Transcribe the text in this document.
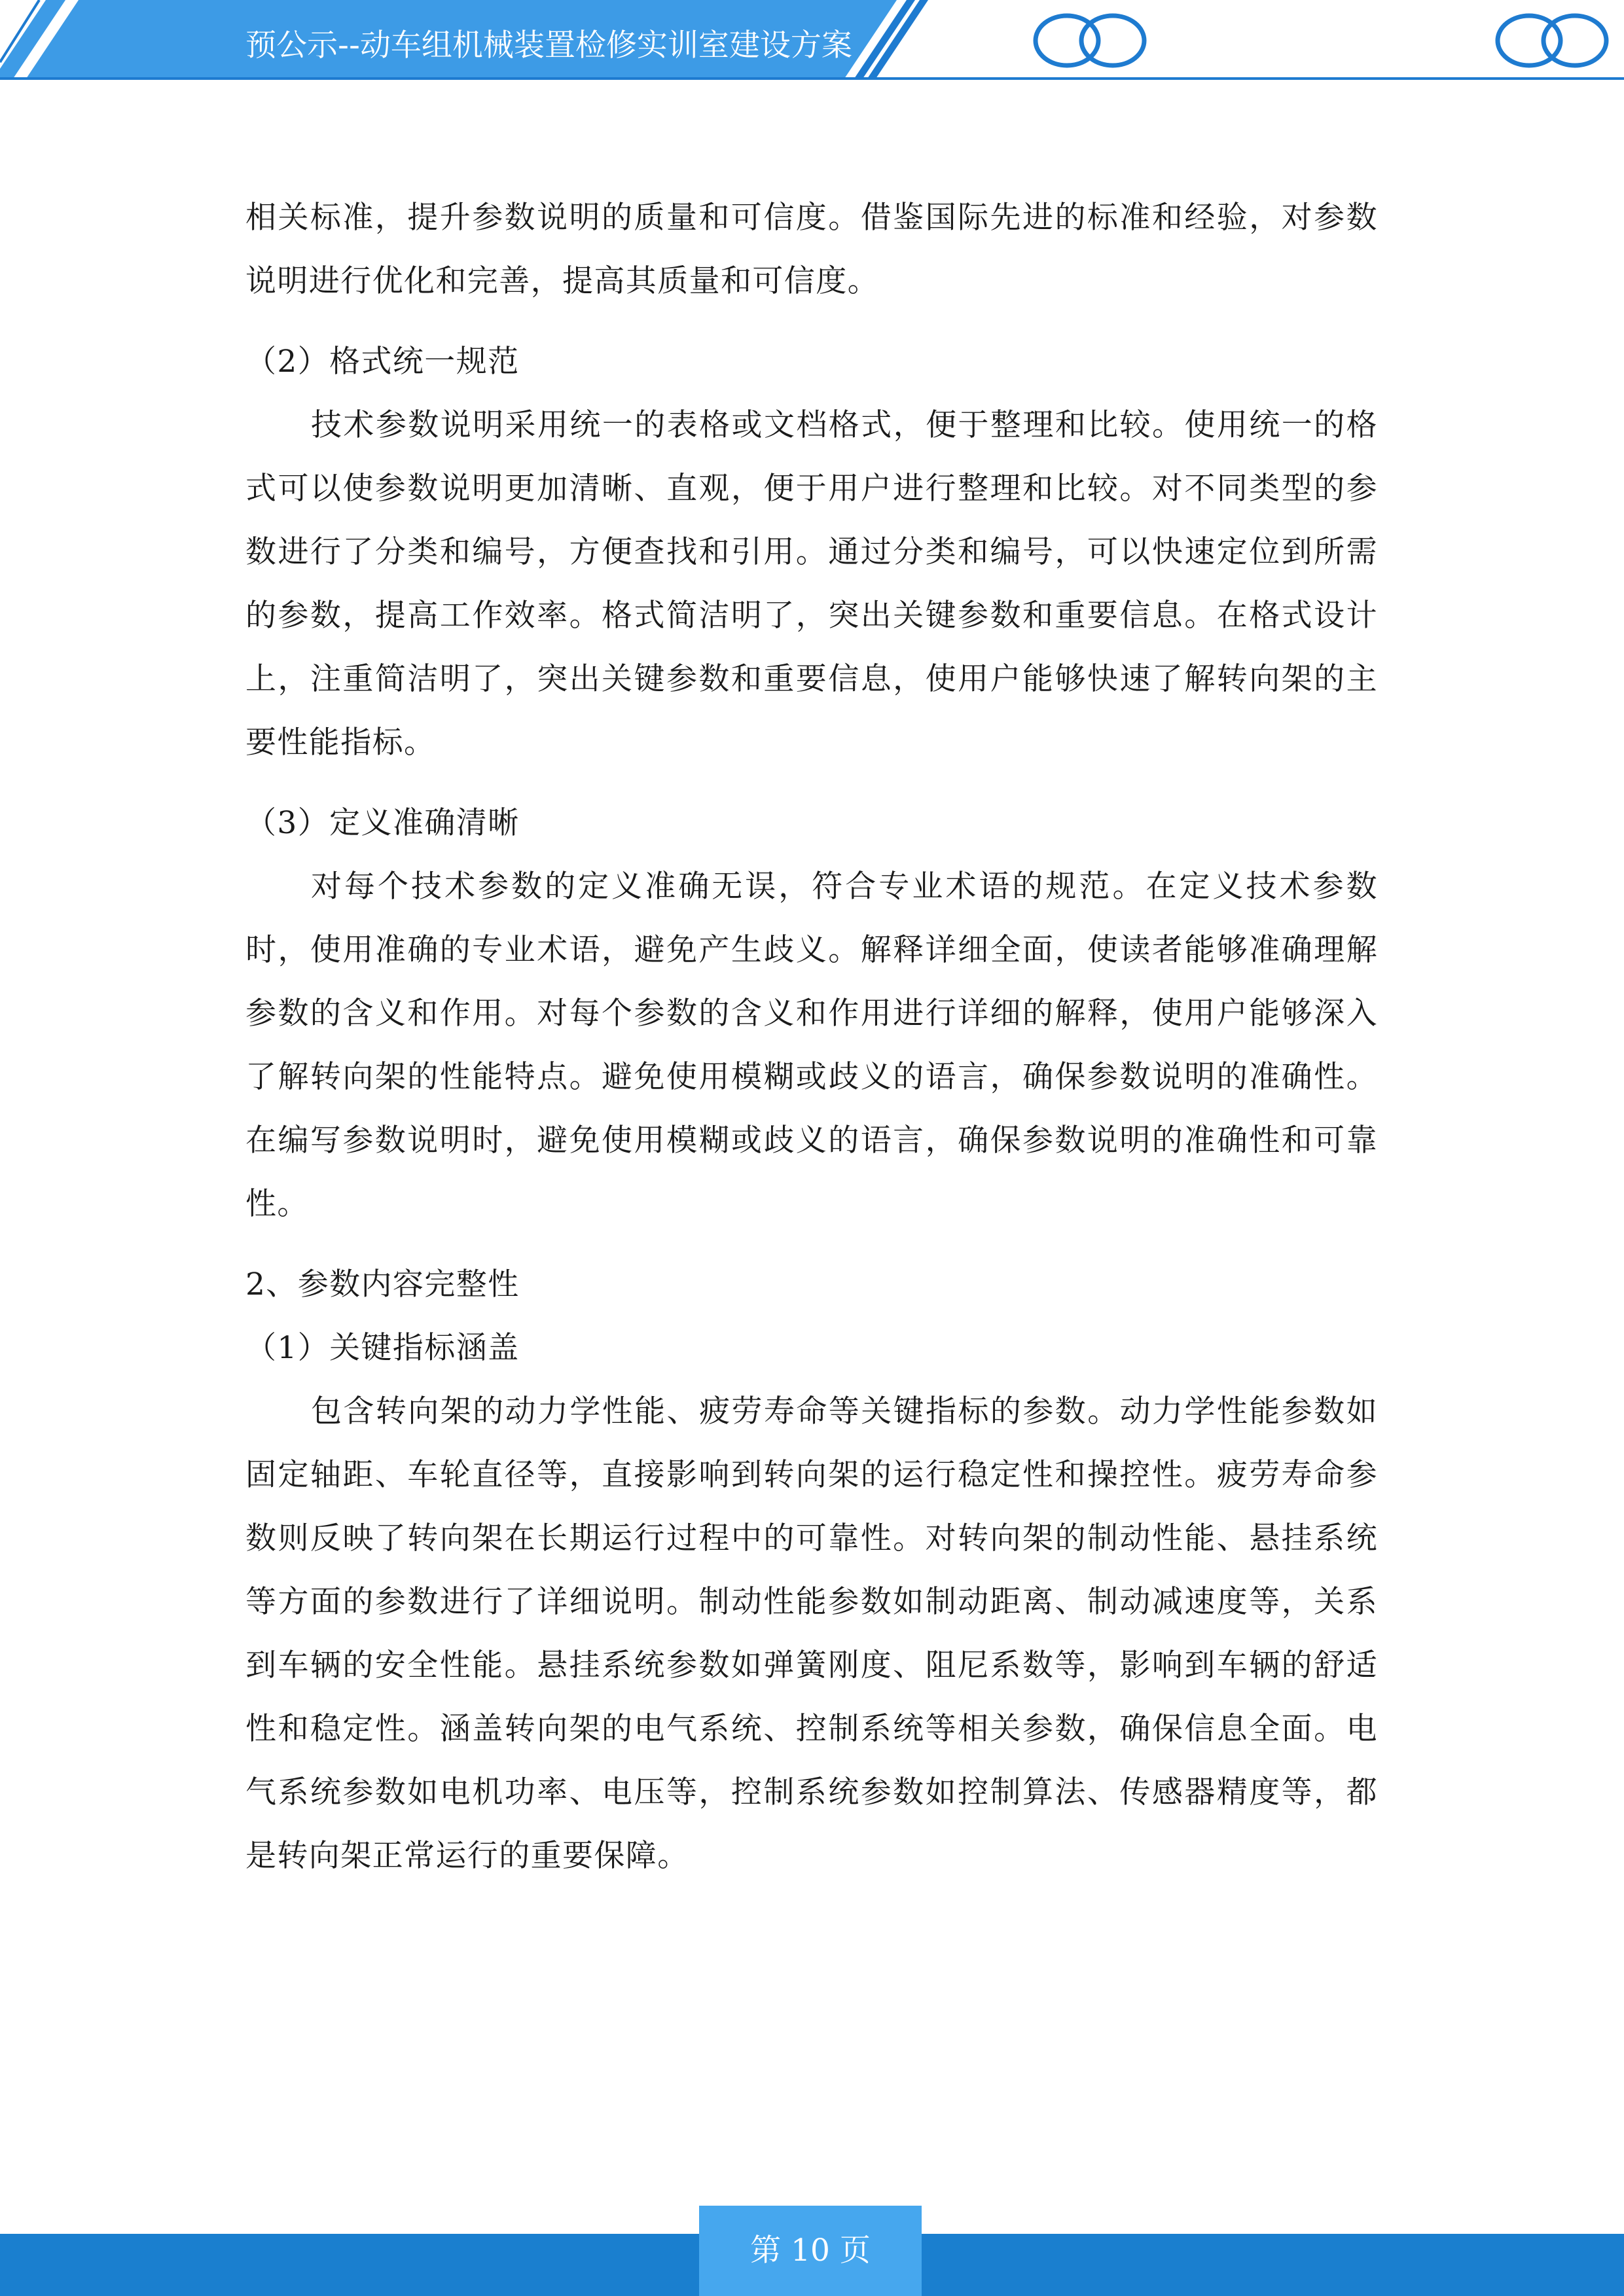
预公示--动车组机械装置检修实训室建设方案

相关标准，提升参数说明的质量和可信度。借鉴国际先进的标准和经验，对参数说明进行优化和完善，提高其质量和可信度。

（2）格式统一规范

技术参数说明采用统一的表格或文档格式，便于整理和比较。使用统一的格式可以使参数说明更加清晰、直观，便于用户进行整理和比较。对不同类型的参数进行了分类和编号，方便查找和引用。通过分类和编号，可以快速定位到所需的参数，提高工作效率。格式简洁明了，突出关键参数和重要信息。在格式设计上，注重简洁明了，突出关键参数和重要信息，使用户能够快速了解转向架的主要性能指标。

（3）定义准确清晰

对每个技术参数的定义准确无误，符合专业术语的规范。在定义技术参数时，使用准确的专业术语，避免产生歧义。解释详细全面，使读者能够准确理解参数的含义和作用。对每个参数的含义和作用进行详细的解释，使用户能够深入了解转向架的性能特点。避免使用模糊或歧义的语言，确保参数说明的准确性。在编写参数说明时，避免使用模糊或歧义的语言，确保参数说明的准确性和可靠性。

2、参数内容完整性

（1）关键指标涵盖

包含转向架的动力学性能、疲劳寿命等关键指标的参数。动力学性能参数如固定轴距、车轮直径等，直接影响到转向架的运行稳定性和操控性。疲劳寿命参数则反映了转向架在长期运行过程中的可靠性。对转向架的制动性能、悬挂系统等方面的参数进行了详细说明。制动性能参数如制动距离、制动减速度等，关系到车辆的安全性能。悬挂系统参数如弹簧刚度、阻尼系数等，影响到车辆的舒适性和稳定性。涵盖转向架的电气系统、控制系统等相关参数，确保信息全面。电气系统参数如电机功率、电压等，控制系统参数如控制算法、传感器精度等，都是转向架正常运行的重要保障。

第 10 页
